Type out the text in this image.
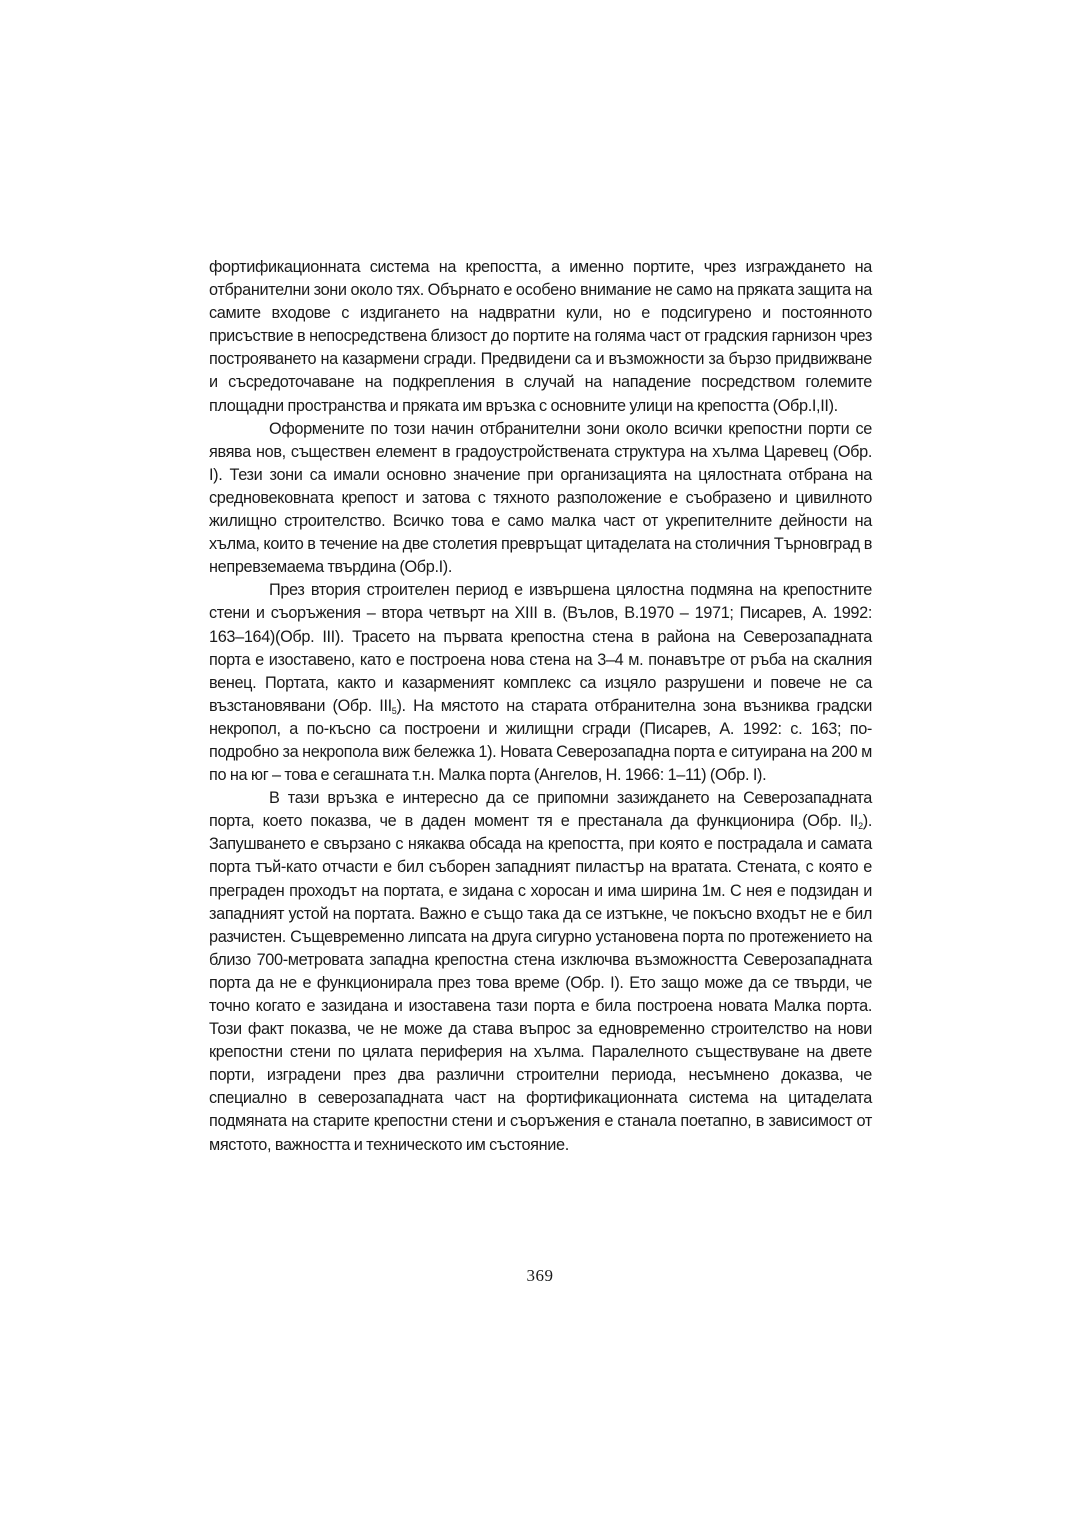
фортификационната система на крепостта, а именно портите, чрез изграждането на отбранителни зони около тях. Обърнато е особено внимание не само на пряката защита на самите входове с издигането на надвратни кули, но е подсигурено и постоянното присъствие в непосредствена близост до портите на голяма част от градския гарнизон чрез построяването на казармени сгради. Предвидени са и възможности за бързо придвижване и съсредоточаване на подкрепления в случай на нападение посредством големите площадни пространства и пряката им връзка с основните улици на крепостта (Обр.I,II).

Оформените по този начин отбранителни зони около всички крепостни порти се явява нов, съществен елемент в градоустройствената структура на хълма Царевец (Обр. I). Тези зони са имали основно значение при организацията на цялостната отбрана на средновековната крепост и затова с тяхното разположение е съобразено и цивилното жилищно строителство. Всичко това е само малка част от укрепителните дейности на хълма, които в течение на две столетия превръщат цитаделата на столичния Търновград в непревземаема твърдина (Обр.I).

През втория строителен период е извършена цялостна подмяна на крепостните стени и съоръжения – втора четвърт на XIII в. (Вълов, В.1970 – 1971; Писарев, А. 1992: 163–164)(Обр. III). Трасето на първата крепостна стена в района на Северозападната порта е изоставено, като е построена нова стена на 3–4 м. понавътре от ръба на скалния венец. Портата, както и казарменият комплекс са изцяло разрушени и повече не са възстановявани (Обр. $III_5$). На мястото на старата отбранителна зона възниква градски некропол, а по-късно са построени и жилищни сгради (Писарев, А. 1992: с. 163; по-подробно за некропола виж бележка 1). Новата Северозападна порта е ситуирана на 200 м по на юг – това е сегашната т.н. Малка порта (Ангелов, Н. 1966: 1–11) (Обр. I).

В тази връзка е интересно да се припомни зазиждането на Северозападната порта, което показва, че в даден момент тя е престанала да функционира (Обр. $II_2$). Запушването е свързано с някаква обсада на крепостта, при която е пострадала и самата порта тъй-като отчасти е бил съборен западният пиластър на вратата. Стената, с която е преграден проходът на портата, е зидана с хоросан и има ширина 1м. С нея е подзидан и западният устой на портата. Важно е също така да се изтъкне, че покъсно входът не е бил разчистен. Същевременно липсата на друга сигурно установена порта по протежението на близо 700-метровата западна крепостна стена изключва възможността Северозападната порта да не е функционирала през това време (Обр. I). Ето защо може да се твърди, че точно когато е зазидана и изоставена тази порта е била построена новата Малка порта. Този факт показва, че не може да става въпрос за едновременно строителство на нови крепостни стени по цялата периферия на хълма. Паралелното съществуване на двете порти, изградени през два различни строителни периода, несъмнено доказва, че специално в северозападната част на фортификационната система на цитаделата подмяната на старите крепостни стени и съоръжения е станала поетапно, в зависимост от мястото, важността и техническото им състояние.

369
